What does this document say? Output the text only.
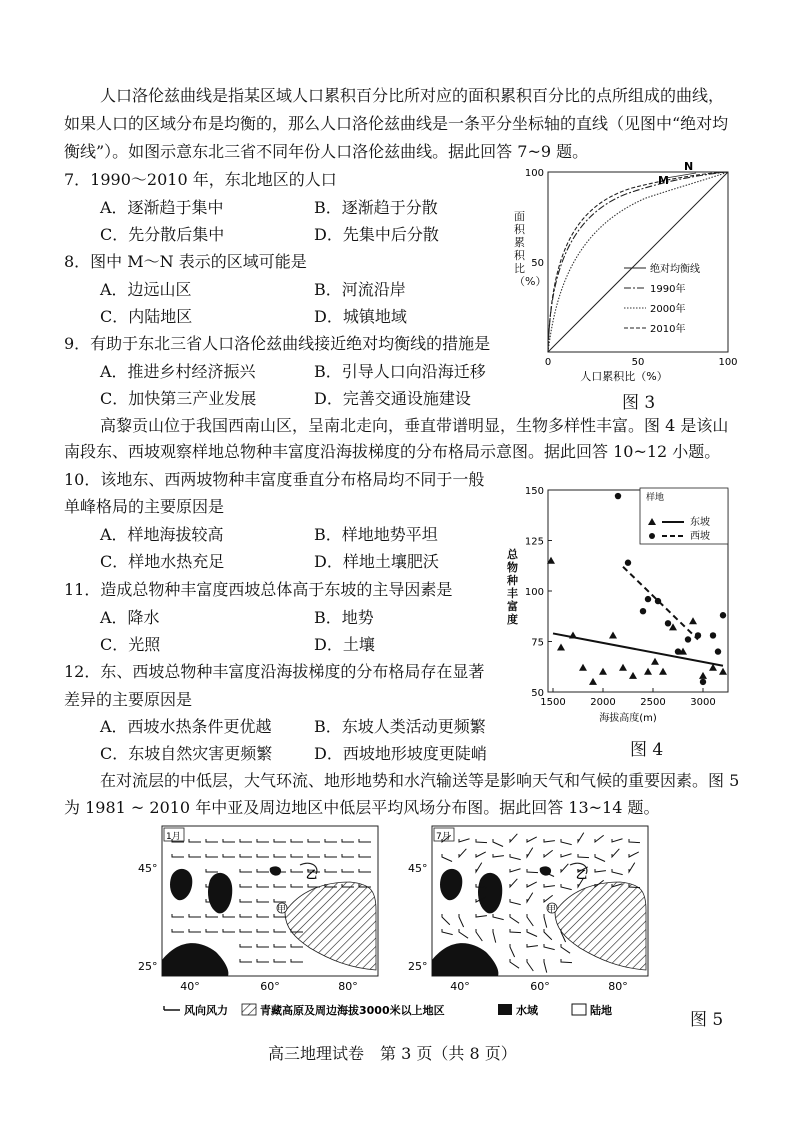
人口洛伦兹曲线是指某区域人口累积百分比所对应的面积累积百分比的点所组成的曲线，
如果人口的区域分布是均衡的，那么人口洛伦兹曲线是一条平分坐标轴的直线（见图中“绝对均
衡线”）。如图示意东北三省不同年份人口洛伦兹曲线。据此回答 7~9 题。
7．1990～2010 年，东北地区的人口
A．逐渐趋于集中	B．逐渐趋于分散
C．先分散后集中	D．先集中后分散
8．图中 M～N 表示的区域可能是
A．边远山区	B．河流沿岸
C．内陆地区	D．城镇地域
9．有助于东北三省人口洛伦兹曲线接近绝对均衡线的措施是
A．推进乡村经济振兴	B．引导人口向沿海迁移
C．加快第三产业发展	D．完善交通设施建设
0	50	100
50
100
M
N
人口累积比（%）
绝对均衡线
1990年
2000年
2010年
面积累积比（%）
图 3
高黎贡山位于我国西南山区，呈南北走向，垂直带谱明显，生物多样性丰富。图 4 是该山
南段东、西坡观察样地总物种丰富度沿海拔梯度的分布格局示意图。据此回答 10~12 小题。
10．该地东、西两坡物种丰富度垂直分布格局均不同于一般
单峰格局的主要原因是
A．样地海拔较高	B．样地地势平坦
C．样地水热充足	D．样地土壤肥沃
11．造成总物种丰富度西坡总体高于东坡的主导因素是
A．降水	B．地势
C．光照	D．土壤
12．东、西坡总物种丰富度沿海拔梯度的分布格局存在显著
差异的主要原因是
A．西坡水热条件更优越	B．东坡人类活动更频繁
C．东坡自然灾害更频繁	D．西坡地形坡度更陡峭
50
75
100
125
150
1500 2000 2500 3000
样地
东坡
西坡
海拔高度(m)
总物种丰富度
图 4
在对流层的中低层，大气环流、地形地势和水汽输送等是影响天气和气候的重要因素。图 5
为 1981 ~ 2010 年中亚及周边地区中低层平均风场分布图。据此回答 13~14 题。
1月
乙
甲
45°
25°
40°	60°	80°
7月
乙
甲
45°
25°
40°	60°	80°
风向风力	青藏高原及周边海拔3000米以上地区	水域	陆地	图 5
高三地理试卷　第 3 页（共 8 页）
